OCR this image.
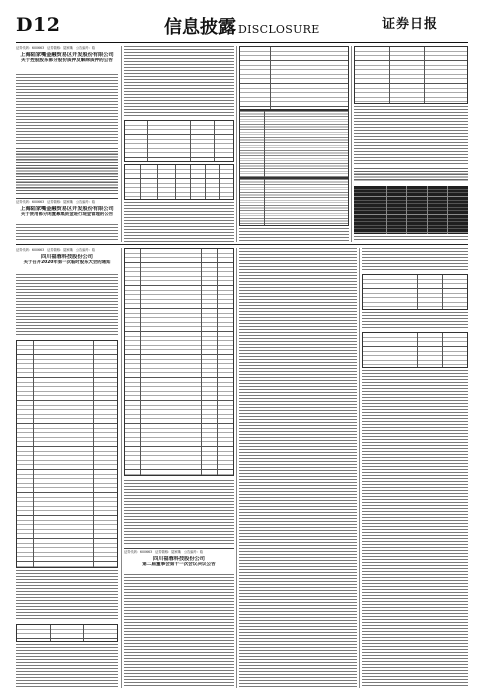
D12	信息披露 DISCLOSURE	证券日报
证券代码：600663　证券简称：陆家嘴　公告编号：临
上海陆家嘴金融贸易区开发股份有限公司
关于控股股东部分股份质押及解除质押的公告
证券代码：600663　证券简称：陆家嘴　公告编号：临
上海陆家嘴金融贸易区开发股份有限公司
关于使用部分闲置募集资金进行现金管理的公告
证券代码：600663　证券简称：陆家嘴　公告编号：临
四川福蓉科技股份公司
关于召开2020年第一次临时股东大会的通知
证券代码：600663　证券简称：陆家嘴　公告编号：临
四川福蓉科技股份公司
第二届董事会第十一次会议决议公告
